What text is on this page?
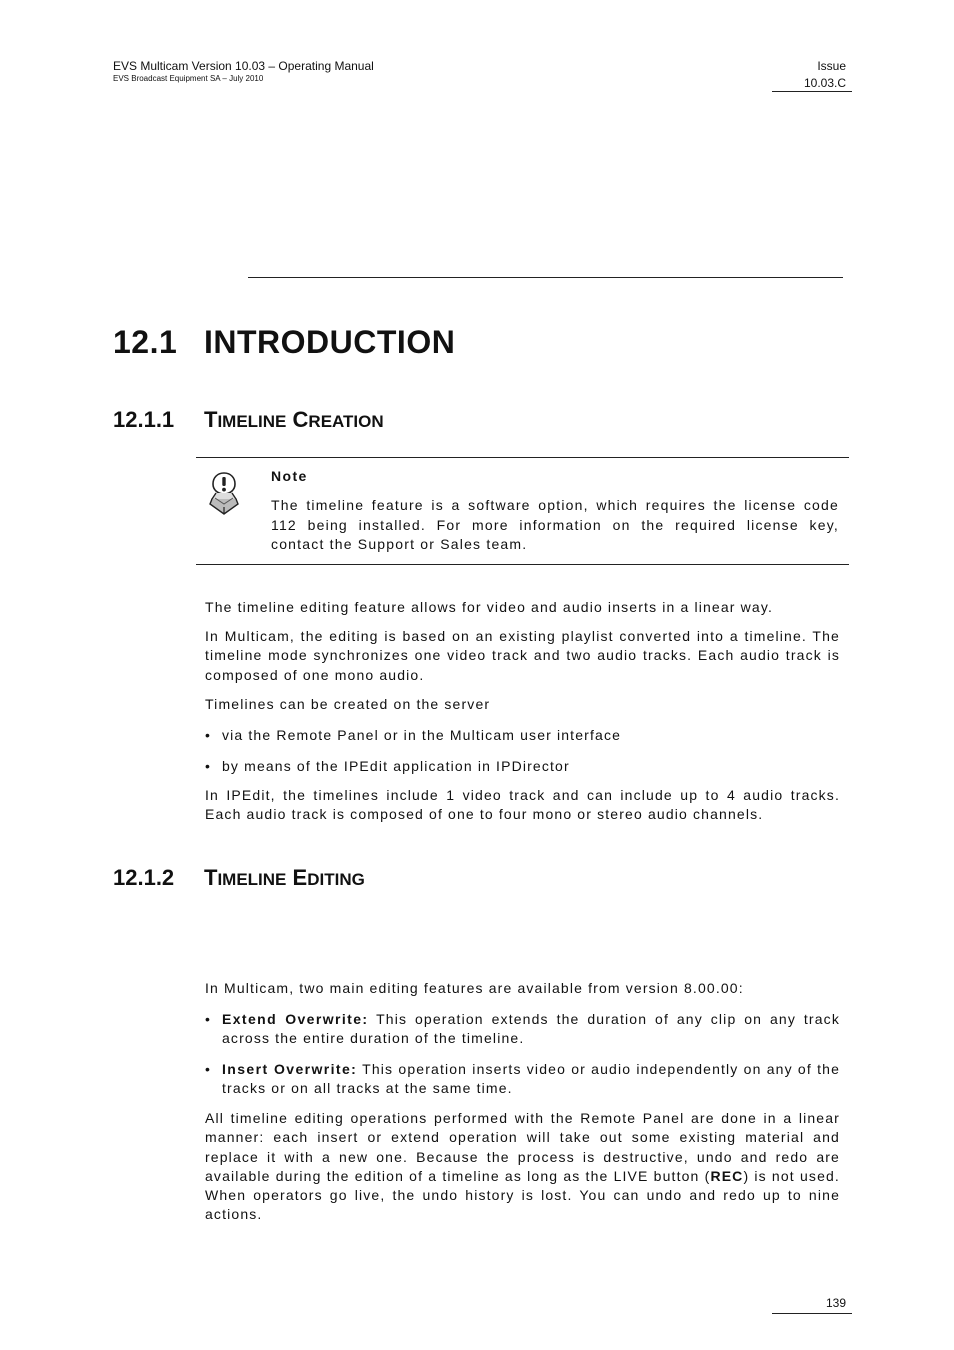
EVS Multicam Version 10.03 – Operating Manual
EVS Broadcast Equipment SA – July 2010
Issue
10.03.C
12.1 INTRODUCTION
12.1.1 TIMELINE CREATION
Note

The timeline feature is a software option, which requires the license code 112 being installed. For more information on the required license key, contact the Support or Sales team.

The timeline editing feature allows for video and audio inserts in a linear way.

In Multicam, the editing is based on an existing playlist converted into a timeline. The timeline mode synchronizes one video track and two audio tracks. Each audio track is composed of one mono audio.

Timelines can be created on the server

• via the Remote Panel or in the Multicam user interface
• by means of the IPEdit application in IPDirector

In IPEdit, the timelines include 1 video track and can include up to 4 audio tracks. Each audio track is composed of one to four mono or stereo audio channels.

12.1.2 TIMELINE EDITING

In Multicam, two main editing features are available from version 8.00.00:

• Extend Overwrite: This operation extends the duration of any clip on any track across the entire duration of the timeline.
• Insert Overwrite: This operation inserts video or audio independently on any of the tracks or on all tracks at the same time.

All timeline editing operations performed with the Remote Panel are done in a linear manner: each insert or extend operation will take out some existing material and replace it with a new one. Because the process is destructive, undo and redo are available during the edition of a timeline as long as the LIVE button (REC) is not used. When operators go live, the undo history is lost. You can undo and redo up to nine actions.

139
